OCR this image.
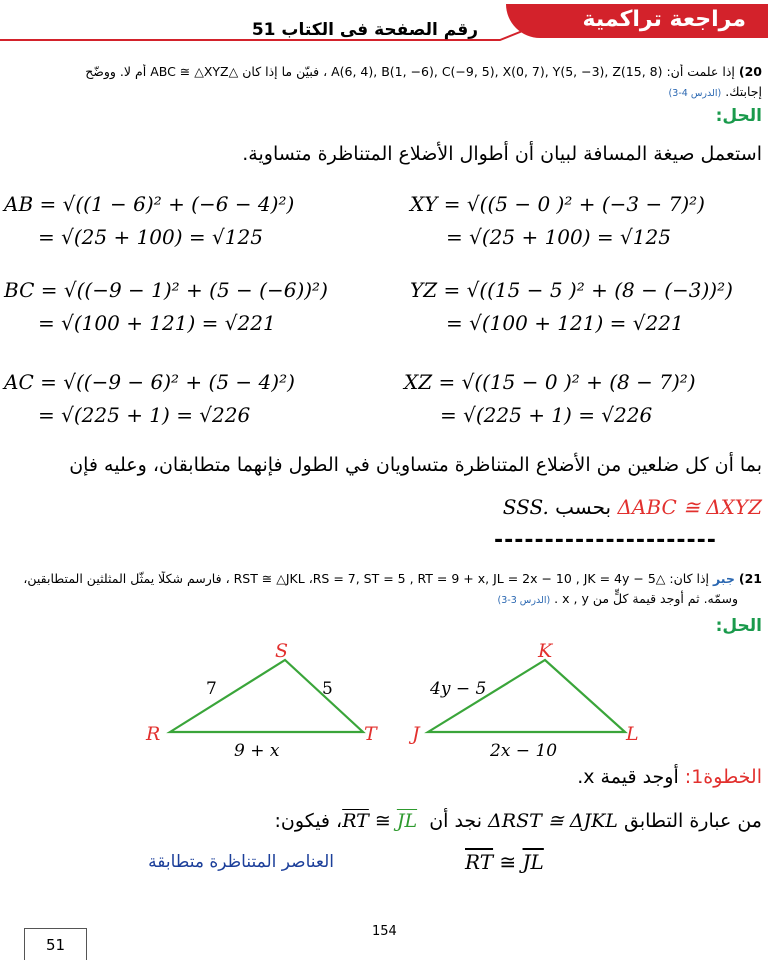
مراجعة تراكمية
رقم الصفحة فى الكتاب 51
20) إذا علمت أن: A(6, 4), B(1, −6), C(−9, 5), X(0, 7), Y(5, −3), Z(15, 8) ، فبيّن ما إذا كان △ABC ≅ △XYZ أم لا. ووضّح
إجابتك. (الدرس 4-3)
الحل:
استعمل صيغة المسافة لبيان أن أطوال الأضلاع المتناظرة متساوية.
AB = √((1 − 6)² + (−6 − 4)²)
= √(25 + 100) = √125
BC = √((−9 − 1)² + (5 − (−6))²)
= √(100 + 121) = √221
AC = √((−9 − 6)² + (5 − 4)²)
= √(225 + 1) = √226
XY = √((5 − 0 )² + (−3 − 7)²)
= √(25 + 100) = √125
YZ = √((15 − 5 )² + (8 − (−3))²)
= √(100 + 121) = √221
XZ = √((15 − 0 )² + (8 − 7)²)
= √(225 + 1) = √226
بما أن كل ضلعين من الأضلاع المتناظرة متساويان في الطول فإنهما متطابقان، وعليه فإن
SSS. بحسب ΔABC ≅ ΔXYZ
----------------------
21) جبر إذا كان: △RST ≅ △JKL ،RS = 7, ST = 5 , RT = 9 + x, JL = 2x − 10 , JK = 4y − 5 ، فارسم شكلًا يمثّل المثلثين المتطابقين،
وسمّه. ثم أوجد قيمة كلٍّ من x , y . (الدرس 3-3)
الحل:
S
R	T
7	5
9 + x
K
J	L
4y − 5
2x − 10
الخطوة1: أوجد قيمة x.
من عبارة التطابق ΔRST ≅ ΔJKL نجد أن $\overline{RT}$ ≅ $\overline{JL}$ ، فيكون:
$\overline{RT}$ ≅ $\overline{JL}$
العناصر المتناظرة متطابقة
154
51
